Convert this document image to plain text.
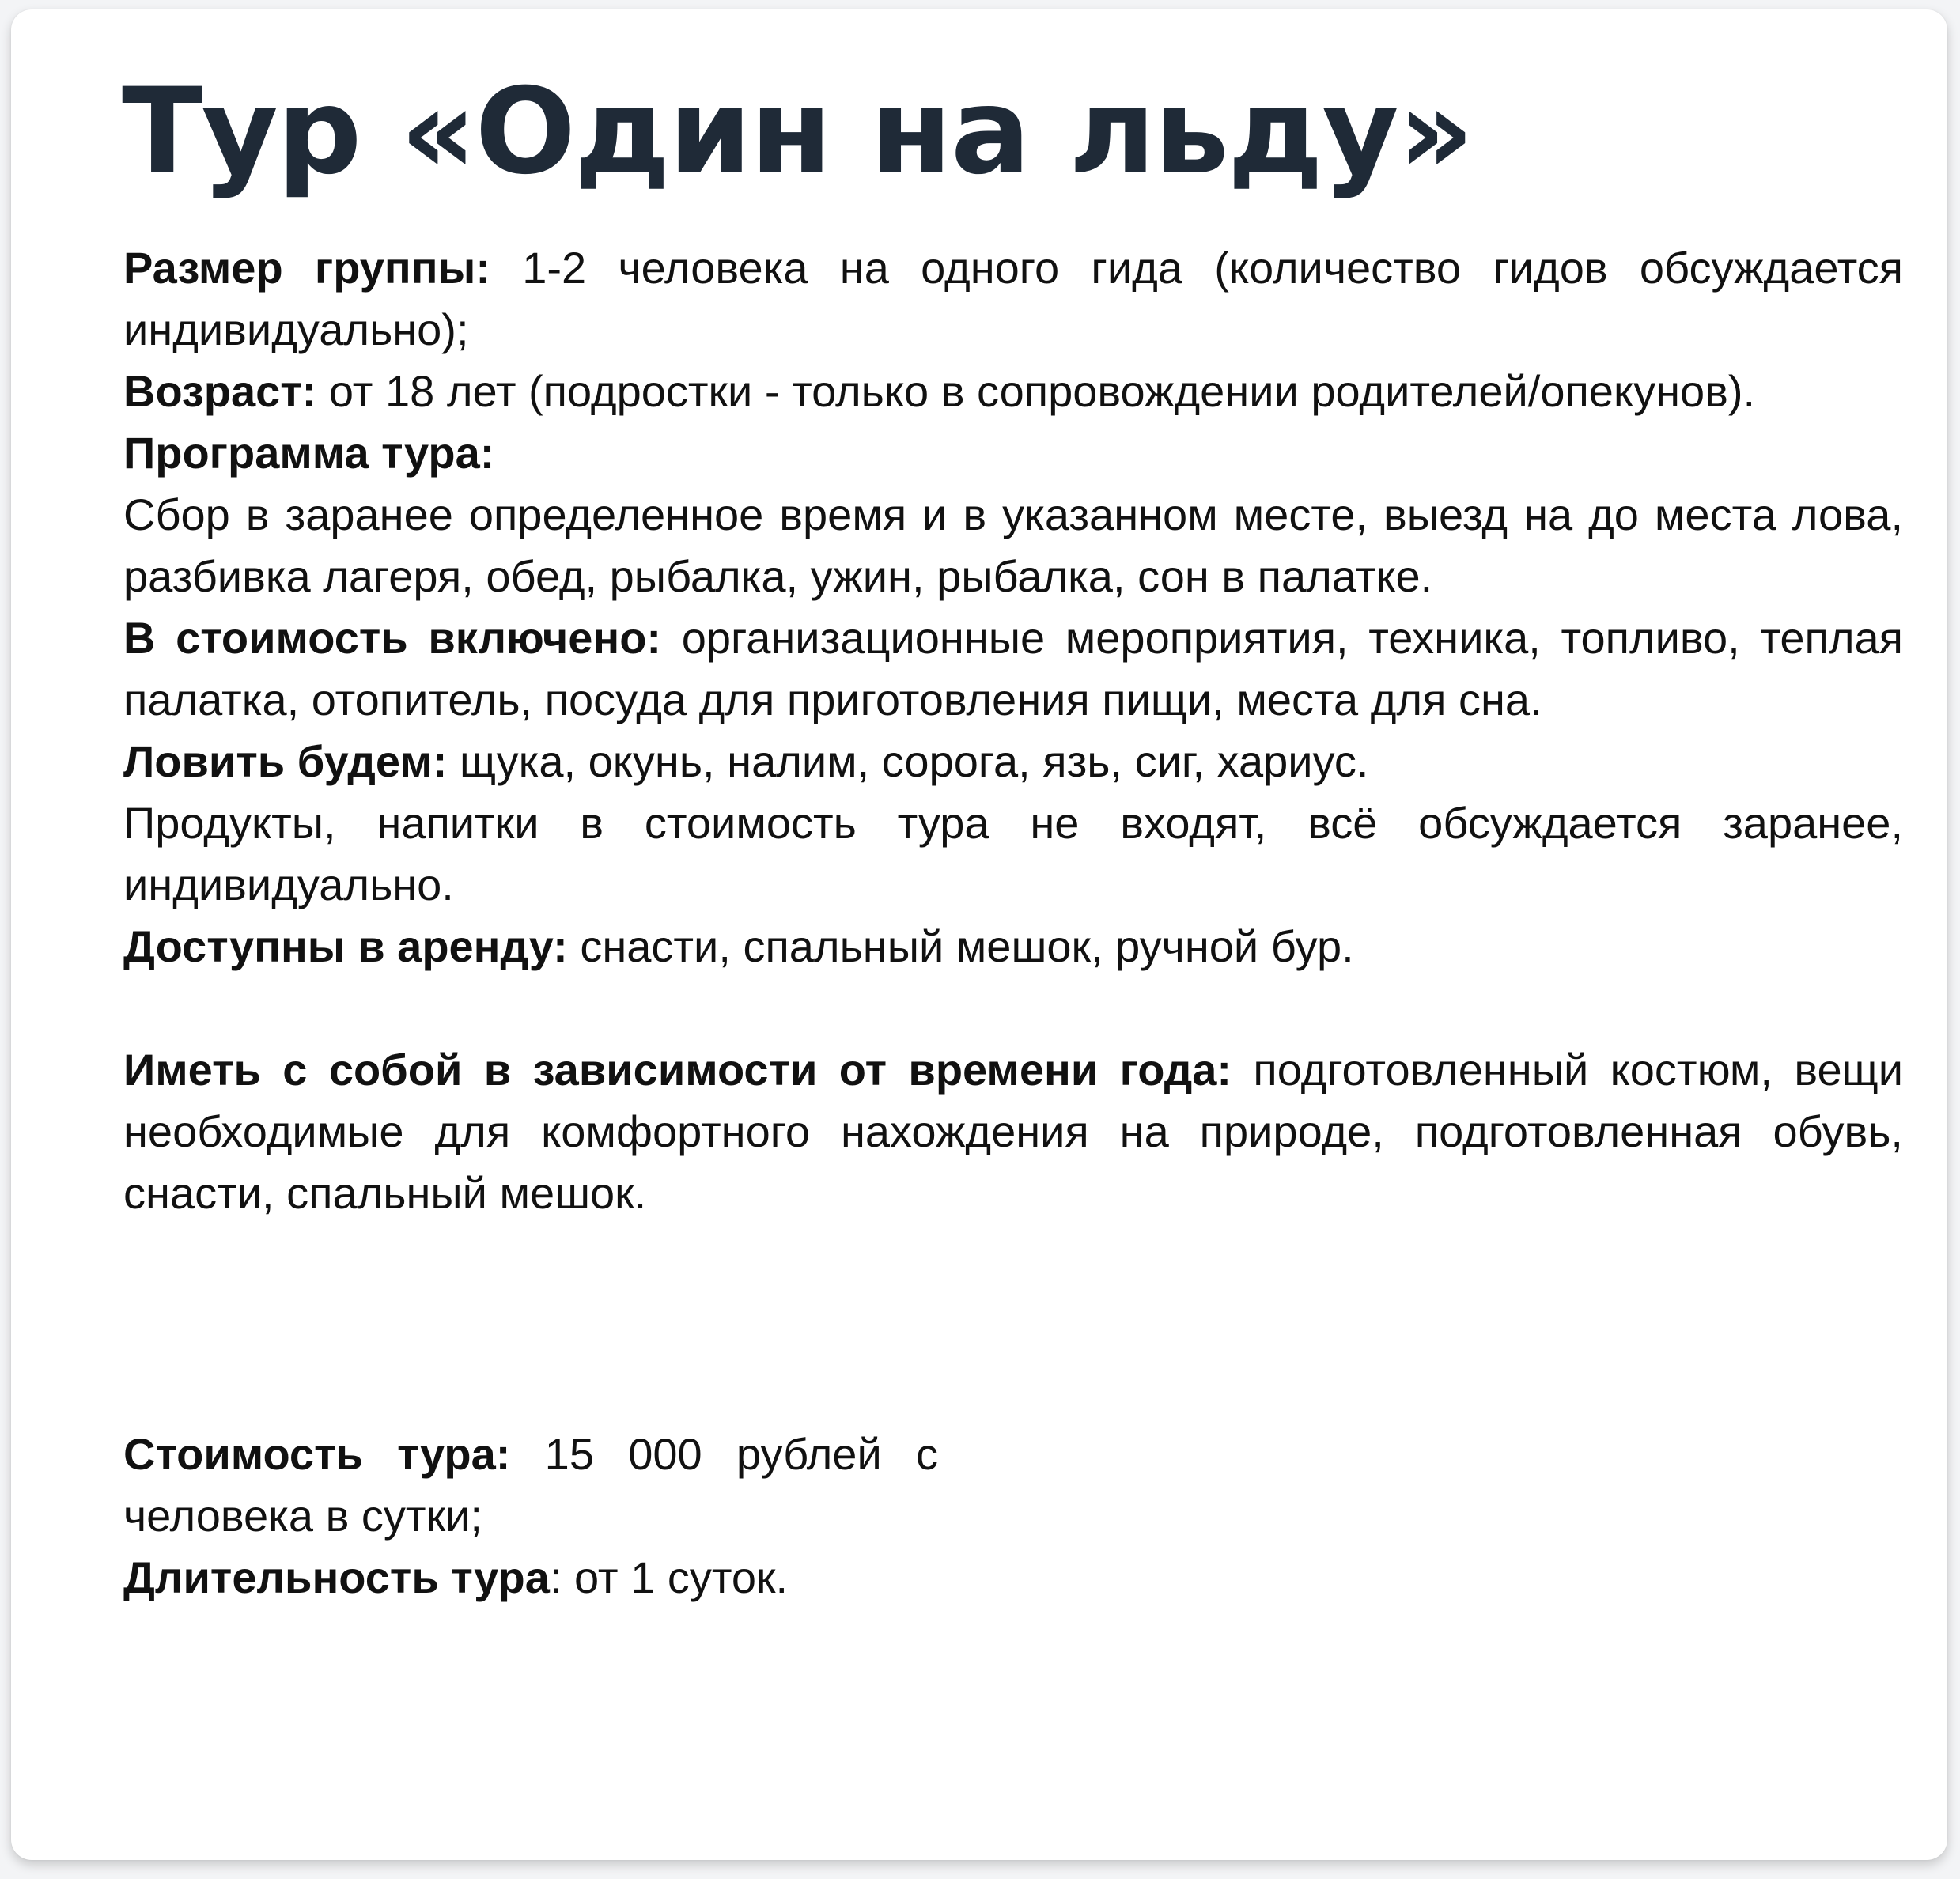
Тур «Один на льду»

Размер группы: 1-2 человека на одного гида (количество гидов обсуждается индивидуально);

Возраст: от 18 лет (подростки - только в сопровождении родителей/опекунов).

Программа тура:

Сбор в заранее определенное время и в указанном месте, выезд на до места лова, разбивка лагеря, обед, рыбалка, ужин, рыбалка, сон в палатке.

В стоимость включено: организационные мероприятия, техника, топливо, теплая палатка, отопитель, посуда для приготовления пищи, места для сна.

Ловить будем: щука, окунь, налим, сорога, язь, сиг, хариус.

Продукты, напитки в стоимость тура не входят, всё обсуждается заранее, индивидуально.

Доступны в аренду: снасти, спальный мешок, ручной бур.

Иметь с собой в зависимости от времени года: подготовленный костюм, вещи необходимые для комфортного нахождения на природе, подготовленная обувь, снасти, спальный мешок.

Стоимость тура: 15 000 рублей с человека в сутки;

Длительность тура: от 1 суток.
